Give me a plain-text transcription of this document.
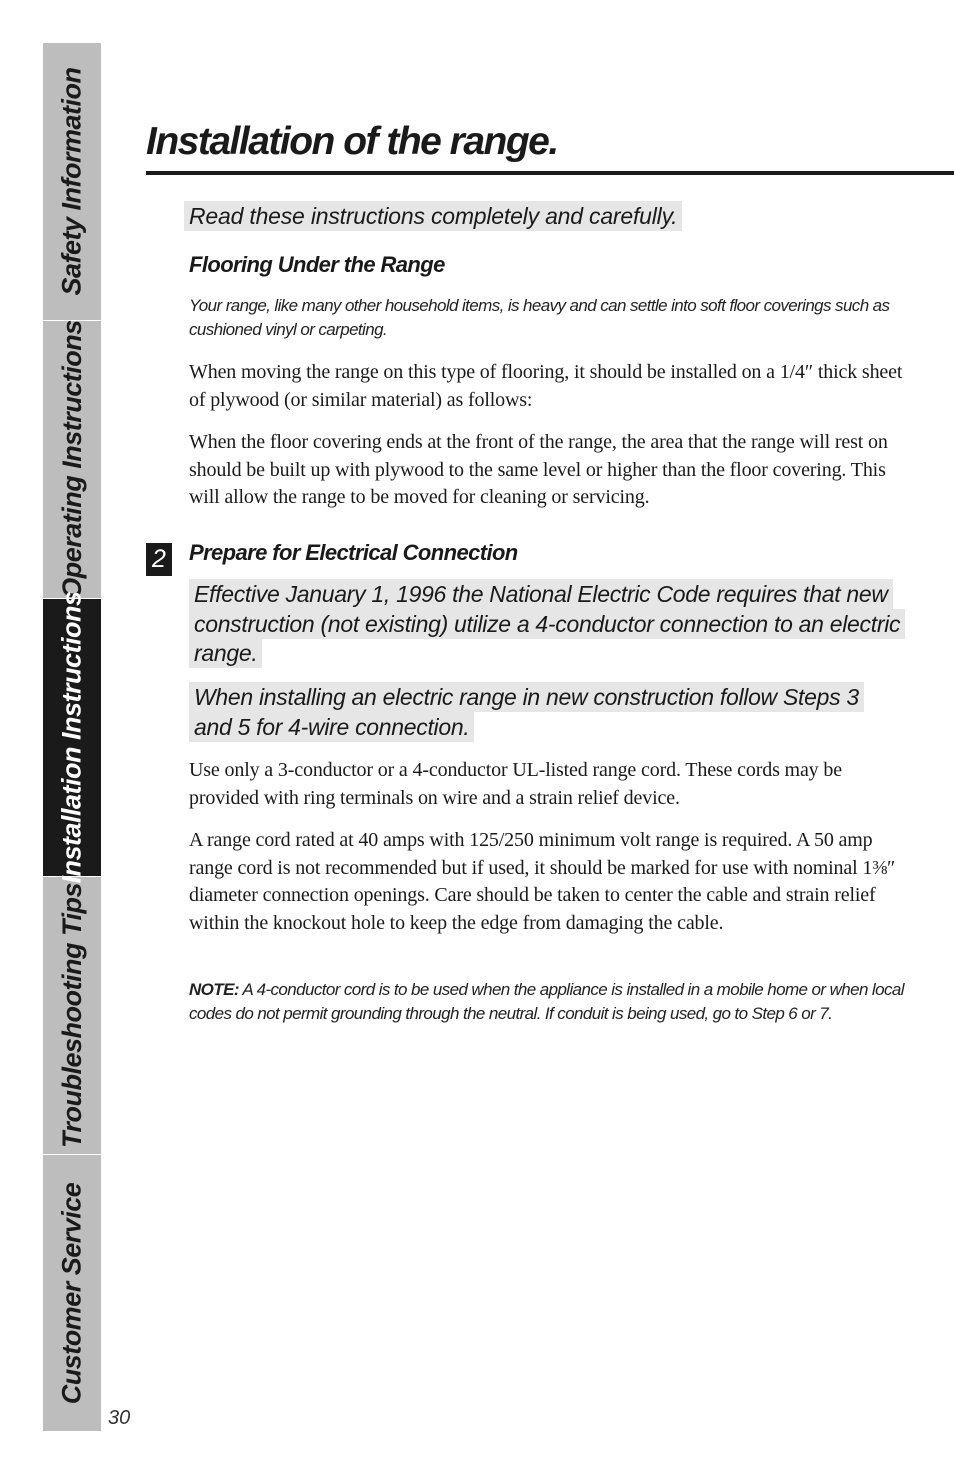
Safety Information
Operating Instructions
Installation Instructions
Troubleshooting Tips
Customer Service
30
Installation of the range.

Read these instructions completely and carefully.

Flooring Under the Range

Your range, like many other household items, is heavy and can settle into soft floor coverings such as cushioned vinyl or carpeting.

When moving the range on this type of flooring, it should be installed on a 1/4″ thick sheet of plywood (or similar material) as follows:

When the floor covering ends at the front of the range, the area that the range will rest on should be built up with plywood to the same level or higher than the floor covering. This will allow the range to be moved for cleaning or servicing.

2 Prepare for Electrical Connection

Effective January 1, 1996 the National Electric Code requires that new construction (not existing) utilize a 4-conductor connection to an electric range.

When installing an electric range in new construction follow Steps 3 and 5 for 4-wire connection.

Use only a 3-conductor or a 4-conductor UL-listed range cord. These cords may be provided with ring terminals on wire and a strain relief device.

A range cord rated at 40 amps with 125/250 minimum volt range is required. A 50 amp range cord is not recommended but if used, it should be marked for use with nominal 1⅜″ diameter connection openings. Care should be taken to center the cable and strain relief within the knockout hole to keep the edge from damaging the cable.

NOTE: A 4-conductor cord is to be used when the appliance is installed in a mobile home or when local codes do not permit grounding through the neutral. If conduit is being used, go to Step 6 or 7.
